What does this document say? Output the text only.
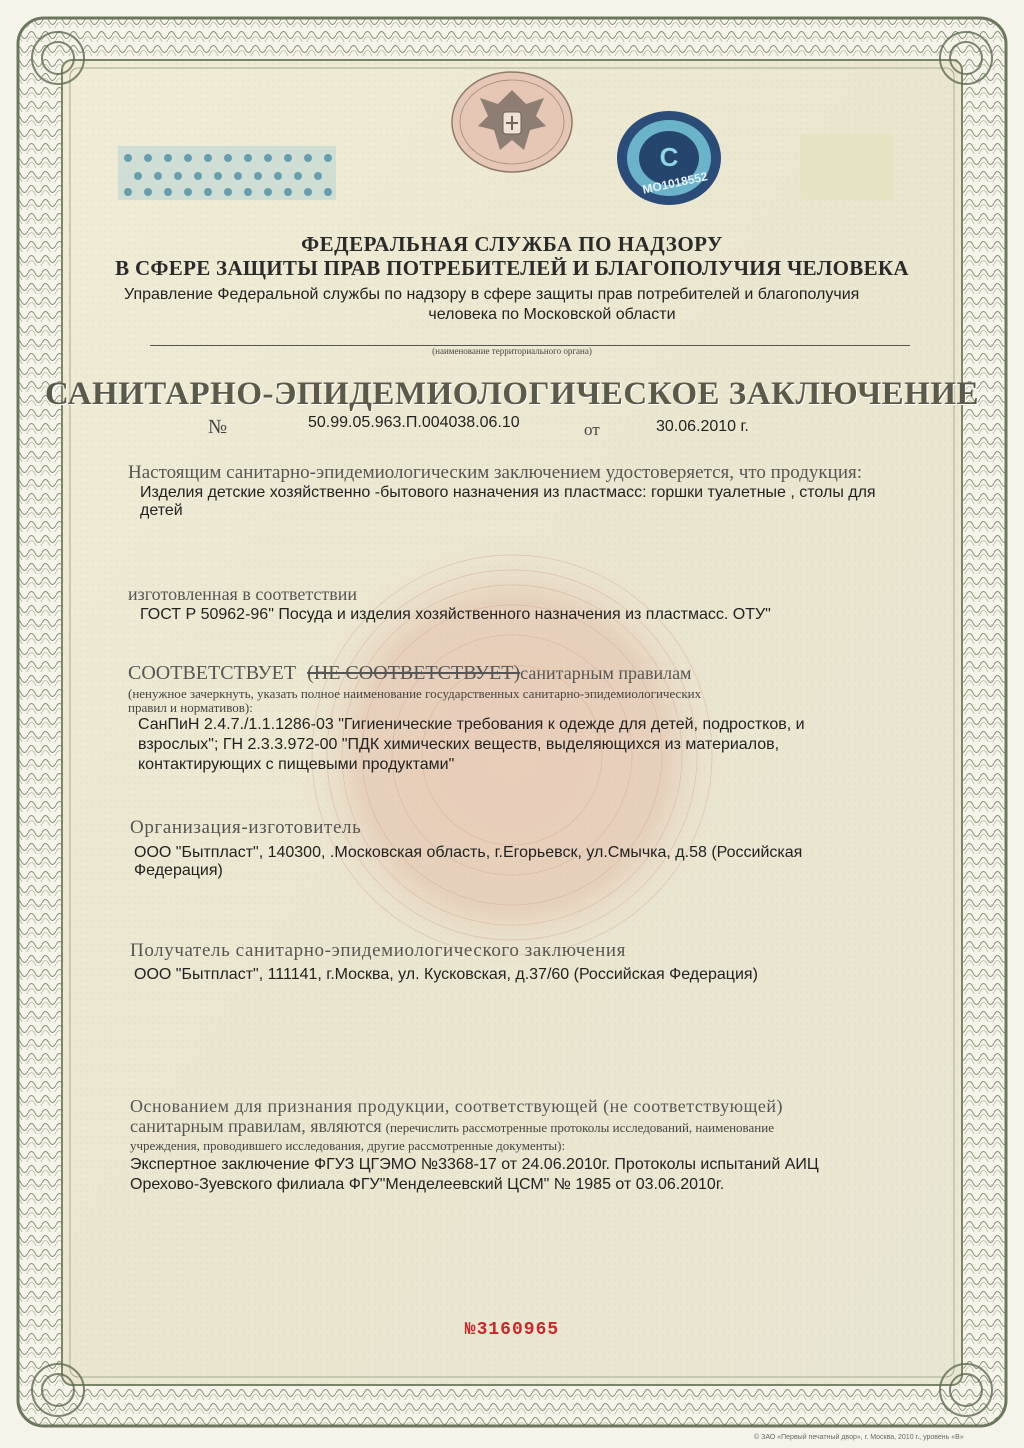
С
MO1018552
ФЕДЕРАЛЬНАЯ СЛУЖБА ПО НАДЗОРУ
В СФЕРЕ ЗАЩИТЫ ПРАВ ПОТРЕБИТЕЛЕЙ И БЛАГОПОЛУЧИЯ ЧЕЛОВЕКА
Управление Федеральной службы по надзору в сфере защиты прав потребителей и благополучия
человека по Московской области
(наименование территориального органа)
САНИТАРНО-ЭПИДЕМИОЛОГИЧЕСКОЕ ЗАКЛЮЧЕНИЕ
№	50.99.05.963.П.004038.06.10	от	30.06.2010 г.
Настоящим санитарно-эпидемиологическим заключением удостоверяется, что продукция:
Изделия детские хозяйственно -бытового назначения из пластмасс: горшки туалетные , столы для
детей
изготовленная в соответствии
ГОСТ Р 50962-96" Посуда и изделия хозяйственного назначения из пластмасс. ОТУ"
СООТВЕТСТВУЕТ (НЕ СООТВЕТСТВУЕТ)санитарным правилам
(ненужное зачеркнуть, указать полное наименование государственных санитарно-эпидемиологических
правил и нормативов):
СанПиН 2.4.7./1.1.1286-03 "Гигиенические требования к одежде для детей, подростков, и
взрослых"; ГН 2.3.3.972-00 "ПДК химических веществ, выделяющихся из материалов,
контактирующих с пищевыми продуктами"
Организация-изготовитель
ООО "Бытпласт", 140300, .Московская область, г.Егорьевск, ул.Смычка, д.58 (Российская
Федерация)
Получатель санитарно-эпидемиологического заключения
ООО "Бытпласт", 111141, г.Москва, ул. Кусковская, д.37/60 (Российская Федерация)
Основанием для признания продукции, соответствующей (не соответствующей)
санитарным правилам, являются (перечислить рассмотренные протоколы исследований, наименование
учреждения, проводившего исследования, другие рассмотренные документы):
Экспертное заключение ФГУЗ ЦГЭМО №3368-17 от 24.06.2010г. Протоколы испытаний АИЦ
Орехово-Зуевского филиала ФГУ"Менделеевский ЦСМ" № 1985 от 03.06.2010г.
№3160965
© ЗАО «Первый печатный двор», г. Москва, 2010 г., уровень «В»
